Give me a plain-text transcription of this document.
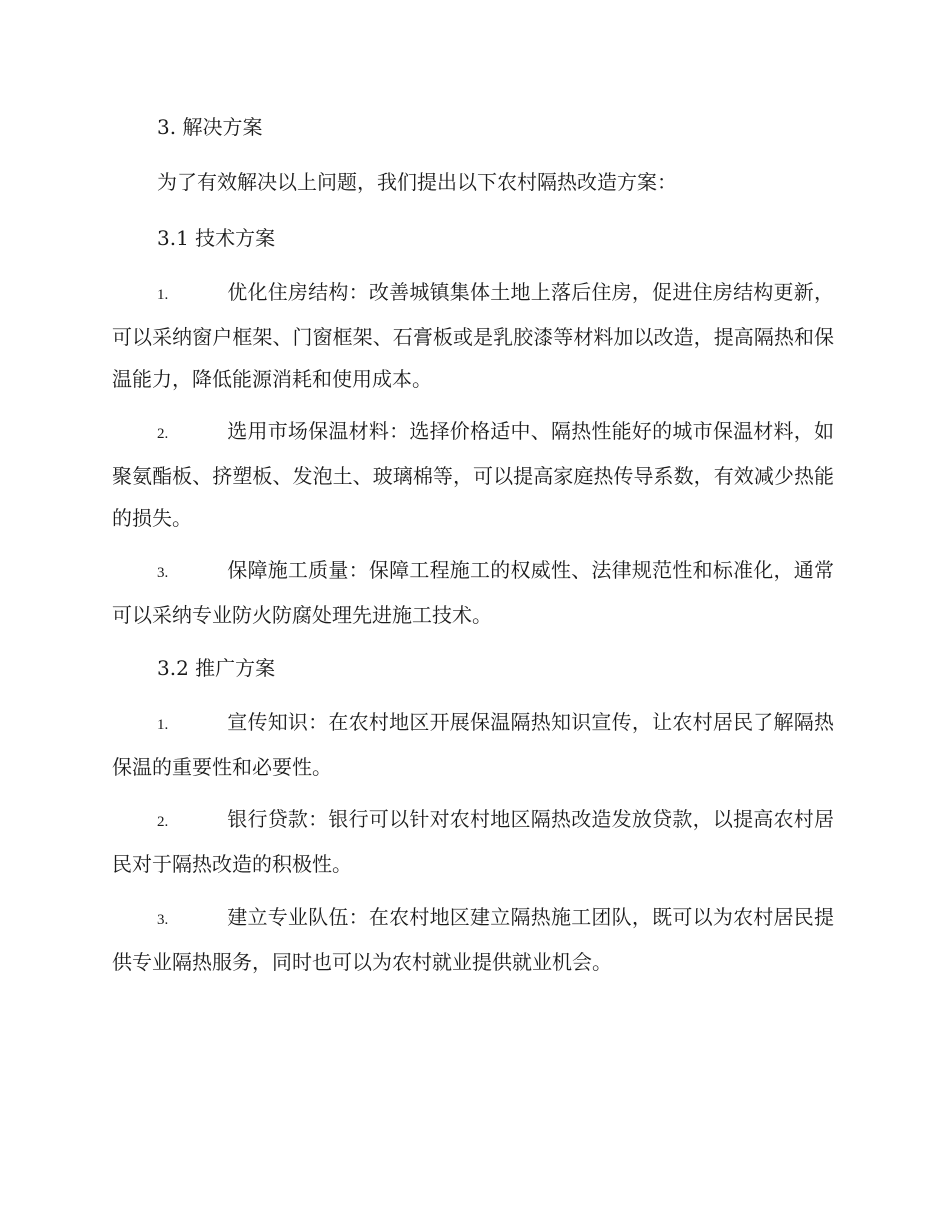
3. 解决方案

为了有效解决以上问题，我们提出以下农村隔热改造方案：

3.1 技术方案

1.	优化住房结构：改善城镇集体土地上落后住房，促进住房结构更新，可以采纳窗户框架、门窗框架、石膏板或是乳胶漆等材料加以改造，提高隔热和保温能力，降低能源消耗和使用成本。

2.	选用市场保温材料：选择价格适中、隔热性能好的城市保温材料，如聚氨酯板、挤塑板、发泡土、玻璃棉等，可以提高家庭热传导系数，有效减少热能的损失。

3.	保障施工质量：保障工程施工的权威性、法律规范性和标准化，通常可以采纳专业防火防腐处理先进施工技术。

3.2 推广方案

1.	宣传知识：在农村地区开展保温隔热知识宣传，让农村居民了解隔热保温的重要性和必要性。

2.	银行贷款：银行可以针对农村地区隔热改造发放贷款，以提高农村居民对于隔热改造的积极性。

3.	建立专业队伍：在农村地区建立隔热施工团队，既可以为农村居民提供专业隔热服务，同时也可以为农村就业提供就业机会。
